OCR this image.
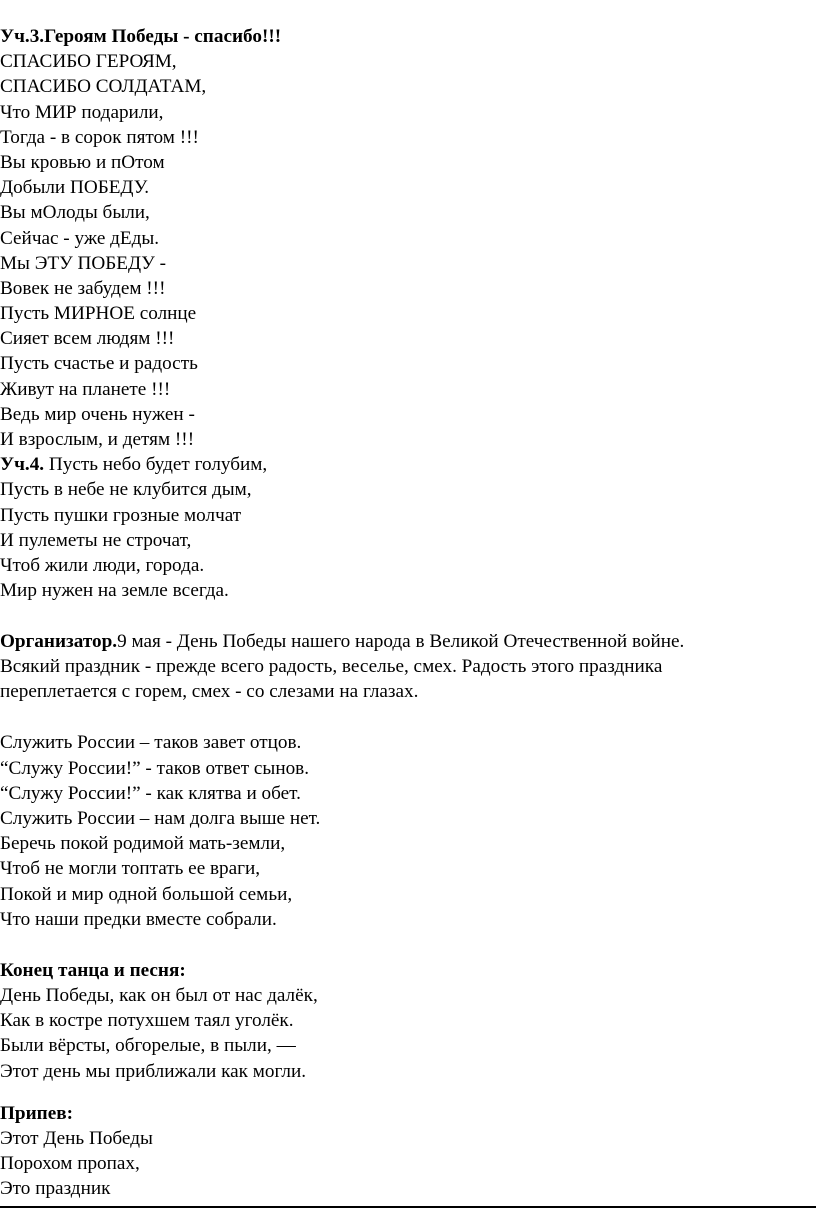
Уч.3.Героям Победы - спасибо!!!
СПАСИБО ГЕРОЯМ,
СПАСИБО СОЛДАТАМ,
Что МИР подарили,
Тогда - в сорок пятом !!!
Вы кровью и пОтом
Добыли ПОБЕДУ.
Вы мОлоды были,
Сейчас - уже дЕды.
Мы ЭТУ ПОБЕДУ -
Вовек не забудем !!!
Пусть МИРНОЕ солнце
Сияет всем людям !!!
Пусть счастье и радость
Живут на планете !!!
Ведь мир очень нужен -
И взрослым, и детям !!!
Уч.4. Пусть небо будет голубим,
Пусть в небе не клубится дым,
Пусть пушки грозные молчат
И пулеметы не строчат,
Чтоб жили люди, города.
Мир нужен на земле всегда.
Организатор.9 мая - День Победы нашего народа в Великой Отечественной войне.
Всякий праздник - прежде всего радость, веселье, смех. Радость этого праздника
переплетается с горем, смех - со слезами на глазах.
Служить России – таков завет отцов.
“Служу России!” - таков ответ сынов.
“Служу России!” - как клятва и обет.
Служить России – нам долга выше нет.
Беречь покой родимой мать-земли,
Чтоб не могли топтать ее враги,
Покой и мир одной большой семьи,
Что наши предки вместе собрали.
Конец танца и песня:
День Победы, как он был от нас далёк,
Как в костре потухшем таял уголёк.
Были вёрсты, обгорелые, в пыли, —
Этот день мы приближали как могли.
Припев:
Этот День Победы
Порохом пропах,
Это праздник
